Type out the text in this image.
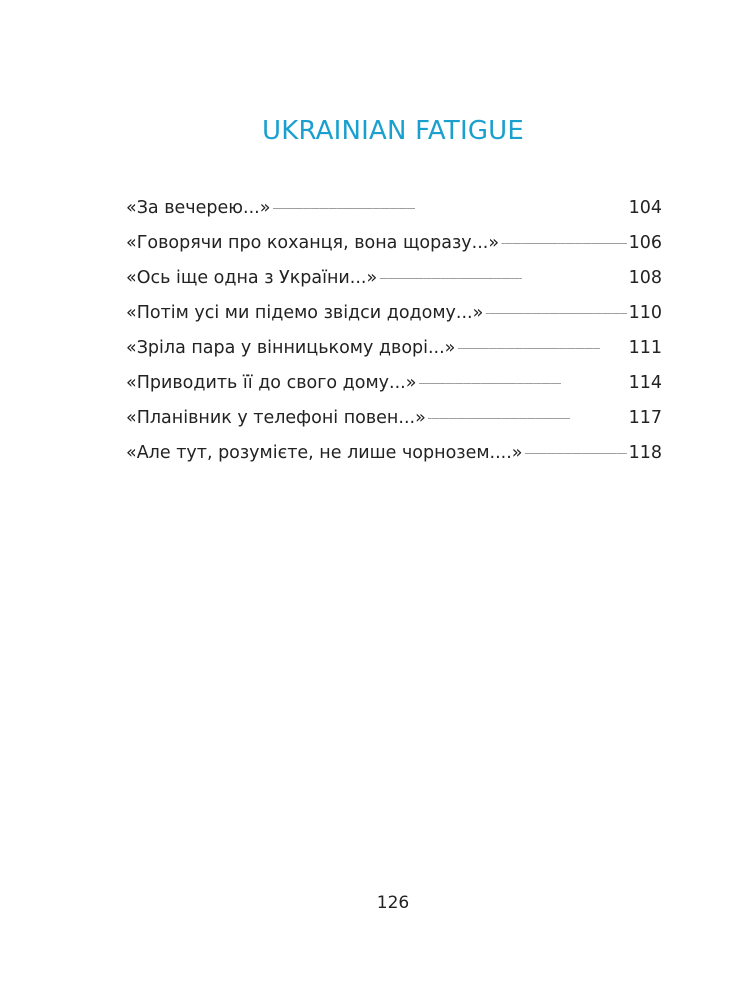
UKRAINIAN FATIGUE
«За вечерею...» . . .	104
«Говорячи про коханця, вона щоразу...» . . .	106
«Ось іще одна з України...» . . .	108
«Потім усі ми підемо звідси додому...» . . .	110
«Зріла пара у вінницькому дворі...» . . .	111
«Приводить її до свого дому...» . . .	114
«Планівник у телефоні повен...» . . .	117
«Але тут, розумієте, не лише чорнозем....» . . .	118
126
